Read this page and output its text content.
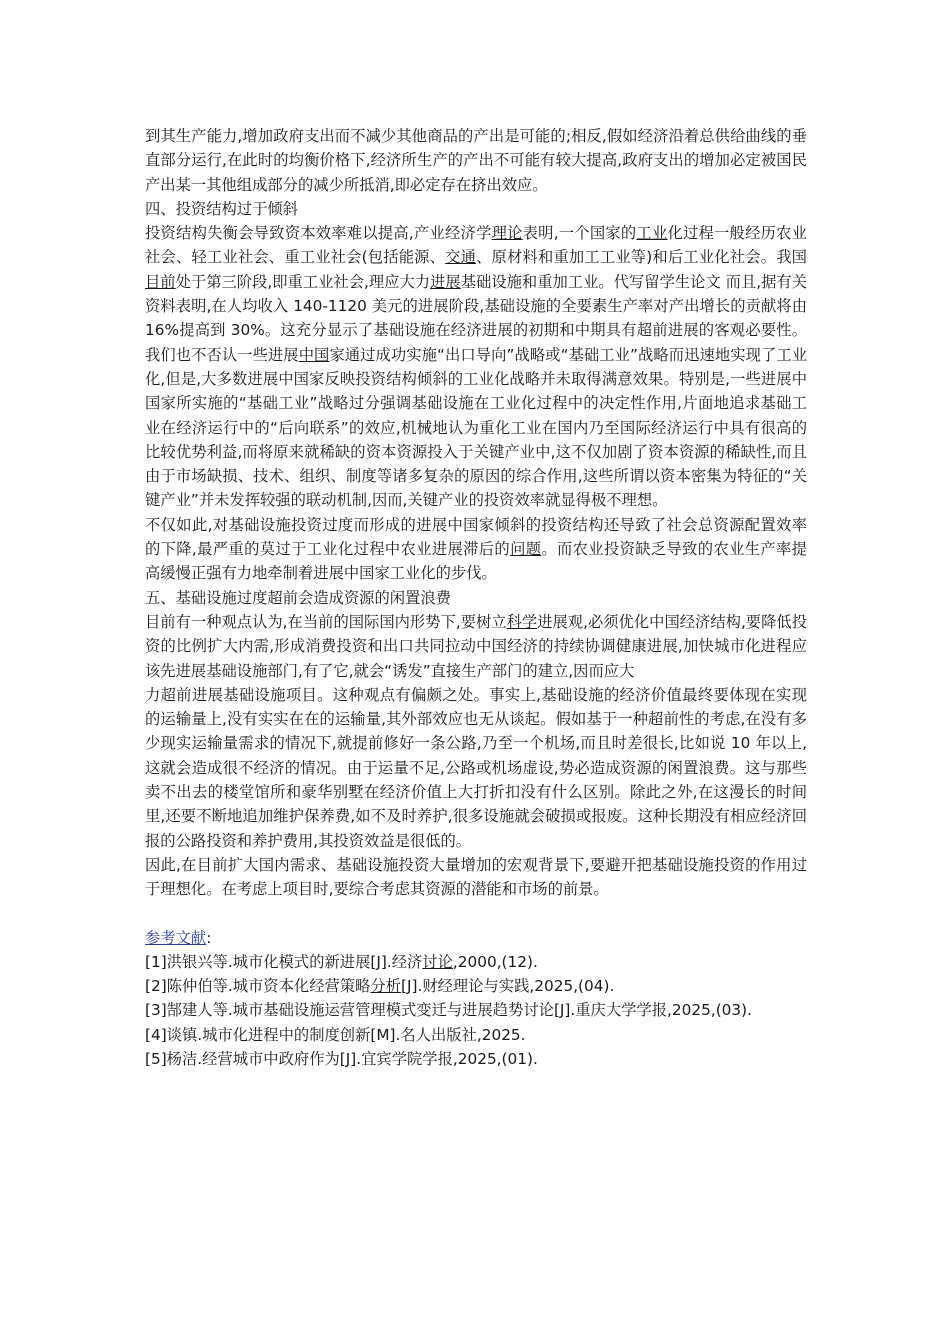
到其生产能力,增加政府支出而不减少其他商品的产出是可能的;相反,假如经济沿着总供给曲线的垂直部分运行,在此时的均衡价格下,经济所生产的产出不可能有较大提高,政府支出的增加必定被国民产出某一其他组成部分的减少所抵消,即必定存在挤出效应。

四、投资结构过于倾斜

投资结构失衡会导致资本效率难以提高,产业经济学理论表明,一个国家的工业化过程一般经历农业社会、轻工业社会、重工业社会(包括能源、交通、原材料和重加工工业等)和后工业化社会。我国目前处于第三阶段,即重工业社会,理应大力进展基础设施和重加工业。代写留学生论文 而且,据有关资料表明,在人均收入 140-1120 美元的进展阶段,基础设施的全要素生产率对产出增长的贡献将由 16%提高到 30%。这充分显示了基础设施在经济进展的初期和中期具有超前进展的客观必要性。我们也不否认一些进展中国家通过成功实施“出口导向”战略或“基础工业”战略而迅速地实现了工业化,但是,大多数进展中国家反映投资结构倾斜的工业化战略并未取得满意效果。特别是,一些进展中国家所实施的“基础工业”战略过分强调基础设施在工业化过程中的决定性作用,片面地追求基础工业在经济运行中的“后向联系”的效应,机械地认为重化工业在国内乃至国际经济运行中具有很高的比较优势利益,而将原来就稀缺的资本资源投入于关键产业中,这不仅加剧了资本资源的稀缺性,而且由于市场缺损、技术、组织、制度等诸多复杂的原因的综合作用,这些所谓以资本密集为特征的“关键产业”并未发挥较强的联动机制,因而,关键产业的投资效率就显得极不理想。

不仅如此,对基础设施投资过度而形成的进展中国家倾斜的投资结构还导致了社会总资源配置效率的下降,最严重的莫过于工业化过程中农业进展滞后的问题。而农业投资缺乏导致的农业生产率提高缓慢正强有力地牵制着进展中国家工业化的步伐。

五、基础设施过度超前会造成资源的闲置浪费

目前有一种观点认为,在当前的国际国内形势下,要树立科学进展观,必须优化中国经济结构,要降低投资的比例扩大内需,形成消费投资和出口共同拉动中国经济的持续协调健康进展,加快城市化进程应该先进展基础设施部门,有了它,就会“诱发”直接生产部门的建立,因而应大

力超前进展基础设施项目。这种观点有偏颇之处。事实上,基础设施的经济价值最终要体现在实现的运输量上,没有实实在在的运输量,其外部效应也无从谈起。假如基于一种超前性的考虑,在没有多少现实运输量需求的情况下,就提前修好一条公路,乃至一个机场,而且时差很长,比如说 10 年以上,这就会造成很不经济的情况。由于运量不足,公路或机场虚设,势必造成资源的闲置浪费。这与那些卖不出去的楼堂馆所和豪华别墅在经济价值上大打折扣没有什么区别。除此之外,在这漫长的时间里,还要不断地追加维护保养费,如不及时养护,很多设施就会破损或报废。这种长期没有相应经济回报的公路投资和养护费用,其投资效益是很低的。

因此,在目前扩大国内需求、基础设施投资大量增加的宏观背景下,要避开把基础设施投资的作用过于理想化。在考虑上项目时,要综合考虑其资源的潜能和市场的前景。

参考文献:

[1]洪银兴等.城市化模式的新进展[J].经济讨论,2000,(12).

[2]陈仲伯等.城市资本化经营策略分析[J].财经理论与实践,2025,(04).

[3]郜建人等.城市基础设施运营管理模式变迁与进展趋势讨论[J].重庆大学学报,2025,(03).

[4]谈镇.城市化进程中的制度创新[M].名人出版社,2025.

[5]杨洁.经营城市中政府作为[J].宜宾学院学报,2025,(01).
